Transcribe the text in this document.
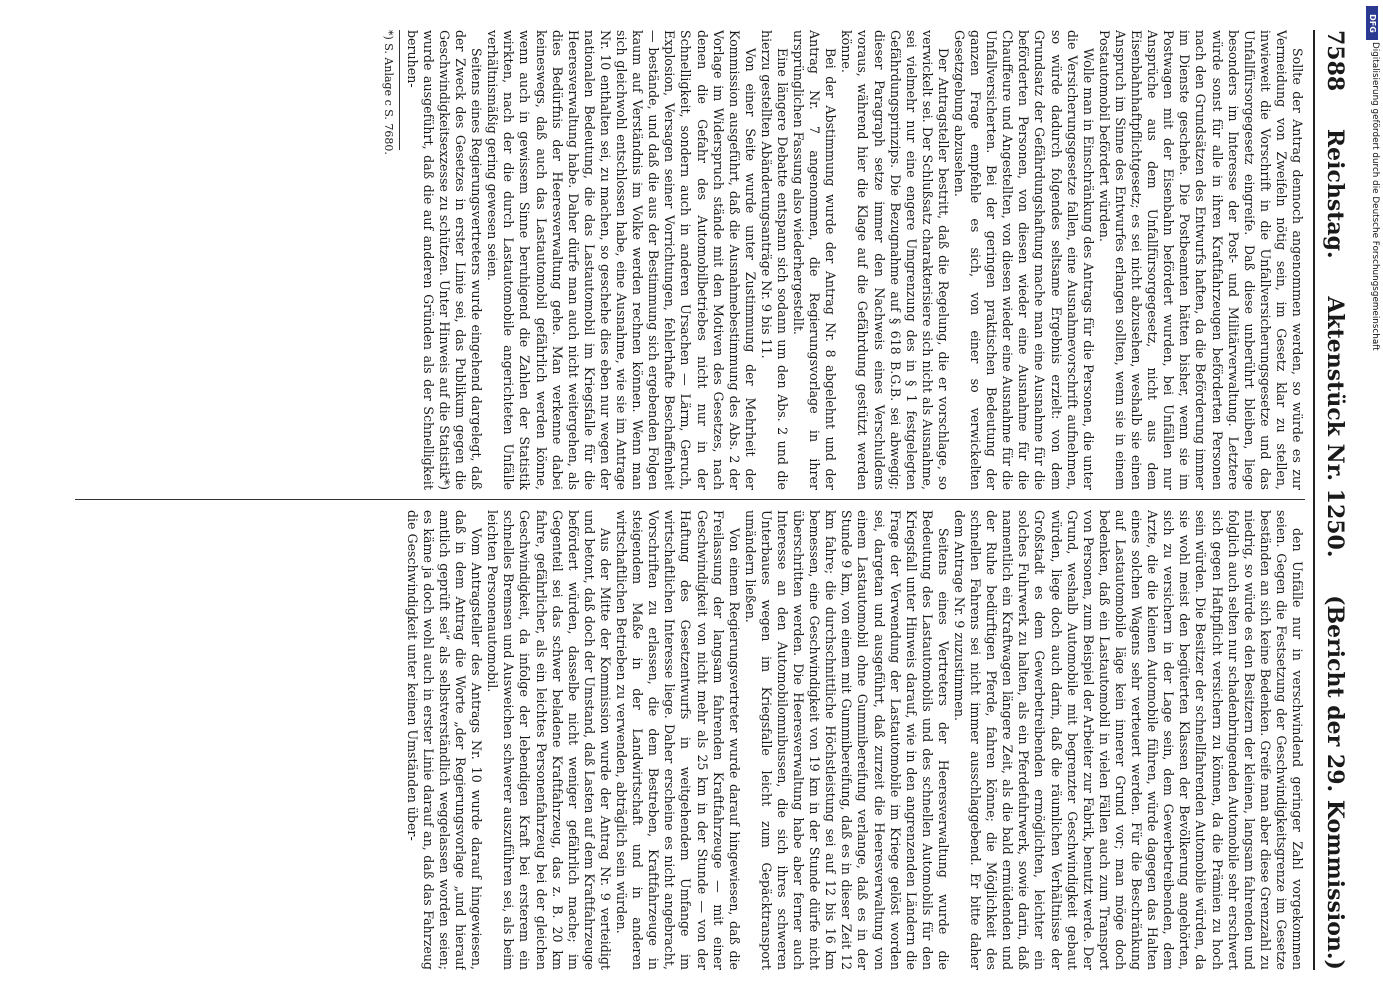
7588
Reichstag.
Aktenstück Nr. 1250.
(Bericht der 29. Kommission.)

Sollte der Antrag dennoch angenommen werden, so würde es zur Vermeidung von Zweifeln nötig sein, im Gesetz klar zu stellen, inwieweit die Vorschrift in die Unfallversicherungsgesetze und das Unfallfürsorgegesetz eingreife. Daß diese unberührt bleiben, liege besonders im Interesse der Post- und Militärverwaltung. Letztere würde sonst für alle in ihren Kraftfahrzeugen beförderten Personen nach den Grundsätzen des Entwurfs haften, da die Beförderung immer im Dienste geschehe. Die Postbeamten hätten bisher, wenn sie im Postwagen mit der Eisenbahn befördert wurden, bei Unfällen nur Ansprüche aus dem Unfallfürsorgegesetz, nicht aus dem Eisenbahnhaftpflichtgesetz; es sei nicht abzusehen, weshalb sie einen Anspruch im Sinne des Entwurfes erlangen sollten, wenn sie in einem Postautomobil befördert würden.

Wolle man in Einschränkung des Antrags für die Personen, die unter die Versicherungsgesetze fallen, eine Ausnahmevorschrift aufnehmen, so würde dadurch folgendes seltsame Ergebnis erzielt: von dem Grundsatz der Gefährdungshaftung mache man eine Ausnahme für die beförderten Personen, von diesen wieder eine Ausnahme für die Chauffeure und Angestellten, von diesen wieder eine Ausnahme für die Unfallversicherten. Bei der geringen praktischen Bedeutung der ganzen Frage empfehle es sich, von einer so verwickelten Gesetzgebung abzusehen.

Der Antragsteller bestritt, daß die Regelung, die er vorschlage, so verwickelt sei. Der Schlußsatz charakterisiere sich nicht als Ausnahme, sei vielmehr nur eine engere Umgrenzung des in § 1 festgelegten Gefährdungsprinzips. Die Bezugnahme auf § 618 B.G.B. sei abwegig; dieser Paragraph setze immer den Nachweis eines Verschuldens voraus, während hier die Klage auf die Gefährdung gestützt werden könne.

Bei der Abstimmung wurde der Antrag Nr. 8 abgelehnt und der Antrag Nr. 7 angenommen, die Regierungsvorlage in ihrer ursprünglichen Fassung also wiederhergestellt.

Eine längere Debatte entspann sich sodann um den Abs. 2 und die hierzu gestellten Abänderungsanträge Nr. 9 bis 11.

Von einer Seite wurde unter Zustimmung der Mehrheit der Kommission ausgeführt, daß die Ausnahmebestimmung des Abs. 2 der Vorlage im Widerspruch stände mit den Motiven des Gesetzes, nach denen die Gefahr des Automobilbetriebes nicht nur in der Schnelligkeit, sondern auch in anderen Ursachen — Lärm, Geruch, Explosion, Versagen seiner Vorrichtungen, fehlerhafte Beschaffenheit — bestände, und daß die aus der Bestimmung sich ergebenden Folgen kaum auf Verständnis im Volke werden rechnen können. Wenn man sich gleichwohl entschlossen habe, eine Ausnahme, wie sie im Antrage Nr. 10 enthalten sei, zu machen, so geschehe dies eben nur wegen der nationalen Bedeutung, die das Lastautomobil im Kriegsfalle für die Heeresverwaltung habe. Daher dürfe man auch nicht weitergehen, als dies Bedürfnis der Heeresverwaltung gehe. Man verkenne dabei keineswegs, daß auch das Lastautomobil gefährlich werden könne, wenn auch in gewissem Sinne beruhigend die Zahlen der Statistik wirkten, nach der die durch Lastautomobile angerichteten Unfälle verhältnismäßig gering gewesen seien.

Seitens eines Regierungsvertreters wurde eingehend dargelegt, daß der Zweck des Gesetzes in erster Linie sei, das Publikum gegen die Geschwindigkeitsexzesse zu schützen. Unter Hinweis auf die Statistik*) wurde ausgeführt, daß die auf anderen Gründen als der Schnelligkeit beruhen-

*) S. Anlage c S. 7680.

den Unfälle nur in verschwindend geringer Zahl vorgekommen seien. Gegen die Festsetzung der Geschwindigkeitsgrenze im Gesetze beständen an sich keine Bedenken. Greife man aber diese Grenzzahl zu niedrig, so würde es den Besitzern der kleinen, langsam fahrenden und folglich auch selten nur schadenbringenden Automobile sehr erschwert sich gegen Haftpflicht versichern zu können, da die Prämien zu hoch sein würden. Die Besitzer der schnellfahrenden Automobile würden, da sie wohl meist den begüterten Klassen der Bevölkerung angehörten, sich zu versichern in der Lage sein, dem Gewerbetreibenden, dem Arzte, die die kleinen Automobile führen, würde dagegen das Halten eines solchen Wagens sehr verteuert werden. Für die Beschränkung auf Lastautomobile läge kein innerer Grund vor; man möge doch bedenken, daß ein Lastautomobil in vielen Fällen auch zum Transport von Personen, zum Beispiel der Arbeiter zur Fabrik, benutzt werde. Der Grund, weshalb Automobile mit begrenzter Geschwindigkeit gebaut würden, liege doch auch darin, daß die räumlichen Verhältnisse der Großstadt es dem Gewerbetreibenden ermöglichten, leichter ein solches Fuhrwerk zu halten, als ein Pferdefuhrwerk, sowie darin, daß namentlich ein Kraftwagen längere Zeit, als die bald ermüdenden und der Ruhe bedürftigen Pferde, fahren könne; die Möglichkeit des schnellen Fahrens sei nicht immer ausschlaggebend. Er bitte daher dem Antrage Nr. 9 zuzustimmen.

Seitens eines Vertreters der Heeresverwaltung wurde die Bedeutung des Lastautomobils und des schnellen Automobils für den Kriegsfall unter Hinweis darauf, wie in den angrenzenden Ländern die Frage der Verwendung der Lastautomobile im Kriege gelöst worden sei, dargetan und ausgeführt, daß zurzeit die Heeresverwaltung von einem Lastautomobil ohne Gummibereifung verlange, daß es in der Stunde 9 km, von einem mit Gummibereifung, daß es in dieser Zeit 12 km fahre; die durchschnittliche Höchstleistung sei auf 12 bis 16 km bemessen, eine Geschwindigkeit von 19 km in der Stunde dürfe nicht überschritten werden. Die Heeresverwaltung habe aber ferner auch Interesse an den Automobilomnibussen, die sich ihres schweren Unterbaues wegen im Kriegsfalle leicht zum Gepäcktransport umändern ließen.

Von einem Regierungsvertreter wurde darauf hingewiesen, daß die Freilassung der langsam fahrenden Kraftfahrzeuge — mit einer Geschwindigkeit von nicht mehr als 25 km in der Stunde — von der Haftung des Gesetzentwurfs in weitgehendem Umfange im wirtschaftlichen Interesse liege. Daher erscheine es nicht angebracht, Vorschriften zu erlassen, die dem Bestreben, Kraftfahrzeuge in steigendem Maße in der Landwirtschaft und in anderen wirtschaftlichen Betrieben zu verwenden, abträglich sein würden.

Aus der Mitte der Kommission wurde der Antrag Nr. 9 verteidigt und betont, daß doch der Umstand, daß Lasten auf dem Kraftfahrzeuge befördert würden, dasselbe nicht weniger gefährlich mache; im Gegenteil sei das schwer beladene Kraftfahrzeug, das z. B. 20 km fahre, gefährlicher, als ein leichtes Personenfahrzeug bei der gleichen Geschwindigkeit, da infolge der lebendigen Kraft bei ersterem ein schnelles Bremsen und Ausweichen schwerer auszuführen sei, als beim leichten Personenautomobil.

Vom Antragsteller des Antrags Nr. 10 wurde darauf hingewiesen, daß in dem Antrag die Worte „der Regierungsvorlage „und hierauf amtlich geprüft sei“ als selbstverständlich weggelassen worden seien; es käme ja doch wohl auch in erster Linie darauf an, daß das Fahrzeug die Geschwindigkeit unter keinen Umständen über-

DFG
Digitalisierung gefördert durch die Deutsche Forschungsgemeinschaft
